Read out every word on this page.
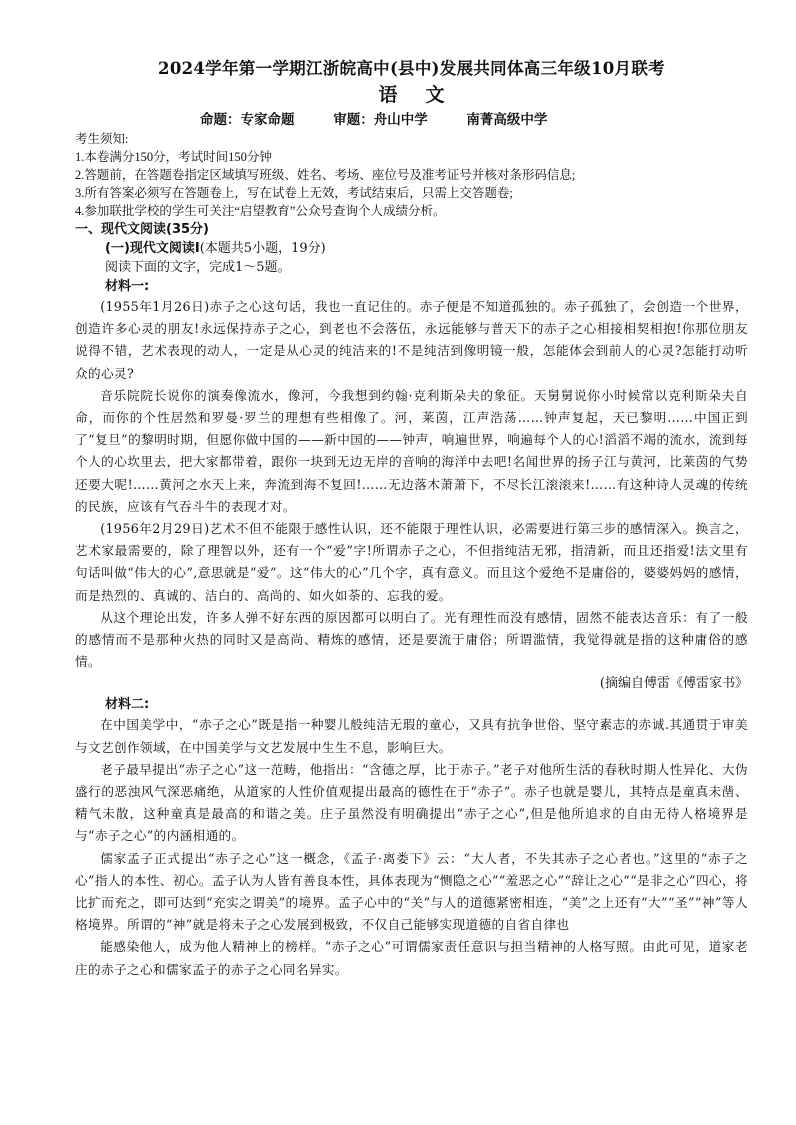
2024学年第一学期江浙皖高中(县中)发展共同体高三年级10月联考
语文
命题：专家命题	审题：舟山中学	南菁高级中学

考生须知:

1.本卷满分150分，考试时间150分钟

2.答题前，在答题卷指定区域填写班级、姓名、考场、座位号及准考证号并核对条形码信息;

3.所有答案必须写在答题卷上，写在试卷上无效，考试结束后，只需上交答题卷;

4.参加联批学校的学生可关注“启望教育”公众号查询个人成绩分析。

一、现代文阅读(35分)

(一)现代文阅读I(本题共5小题，19分)

阅读下面的文字，完成1～5题。

材料一:

(1955年1月26日)赤子之心这句话，我也一直记住的。赤子便是不知道孤独的。赤子孤独了，会创造一个世界，创造许多心灵的朋友!永远保持赤子之心，到老也不会落伍，永远能够与普天下的赤子之心相接相契相抱!你那位朋友说得不错，艺术表现的动人，一定是从心灵的纯洁来的!不是纯洁到像明镜一般，怎能体会到前人的心灵?怎能打动听众的心灵?

音乐院院长说你的演奏像流水，像河，今我想到约翰·克利斯朵夫的象征。天舅舅说你小时候常以克利斯朵夫自命，而你的个性居然和罗曼·罗兰的理想有些相像了。河，莱茵，江声浩荡……钟声复起，天已黎明……中国正到了“复旦”的黎明时期，但愿你做中国的——新中国的——钟声，响遍世界，响遍每个人的心!滔滔不竭的流水，流到每个人的心坎里去，把大家都带着，跟你一块到无边无岸的音响的海洋中去吧!名闻世界的扬子江与黄河，比莱茵的气势还要大呢!……黄河之水天上来，奔流到海不复回!……无边落木萧萧下，不尽长江滚滚来!……有这种诗人灵魂的传统的民族，应该有气吞斗牛的表现才对。

(1956年2月29日)艺术不但不能限于感性认识，还不能限于理性认识，必需要进行第三步的感情深入。换言之，艺术家最需要的，除了理智以外，还有一个“爱”字!所谓赤子之心，不但指纯洁无邪，指清新，而且还指爱!法文里有句话叫做“伟大的心”,意思就是“爱”。这“伟大的心”几个字，真有意义。而且这个爱绝不是庸俗的，婆婆妈妈的感情，而是热烈的、真诚的、洁白的、高尚的、如火如荼的、忘我的爱。

从这个理论出发，许多人弹不好东西的原因都可以明白了。光有理性而没有感情，固然不能表达音乐：有了一般的感情而不是那种火热的同时又是高尚、精炼的感情，还是要流于庸俗；所谓滥情，我觉得就是指的这种庸俗的感情。

(摘编自傅雷《傅雷家书》

材料二:

在中国美学中，“赤子之心”既是指一种婴儿般纯洁无瑕的童心，又具有抗争世俗、坚守素志的赤诚.其通贯于审美与文艺创作领域，在中国美学与文艺发展中生生不息，影响巨大。

老子最早提出“赤子之心”这一范畴，他指出：“含德之厚，比于赤子。”老子对他所生活的春秋时期人性异化、大伪盛行的恶浊风气深恶痛绝，从道家的人性价值观提出最高的德性在于“赤子”。赤子也就是婴儿，其特点是童真未凿、精气未散，这种童真是最高的和谐之美。庄子虽然没有明确提出“赤子之心”,但是他所追求的自由无待人格境界是与“赤子之心”的内涵相通的。

儒家孟子正式提出“赤子之心”这一概念，《孟子·离娄下》云：“大人者，不失其赤子之心者也。”这里的“赤子之心”指人的本性、初心。孟子认为人皆有善良本性，具体表现为“恻隐之心”“羞恶之心”“辞让之心”“是非之心”四心，将比扩而充之，即可达到“充实之谓美”的境界。孟子心中的“关”与人的道德紧密相连，“美”之上还有“大”“圣”“神”等人格境界。所谓的“神”就是将未子之心发展到极致，不仅自己能够实现道德的自省自律也

能感染他人，成为他人精神上的榜样。“赤子之心”可谓儒家责任意识与担当精神的人格写照。由此可见，道家老庄的赤子之心和儒家孟子的赤子之心同名异实。
